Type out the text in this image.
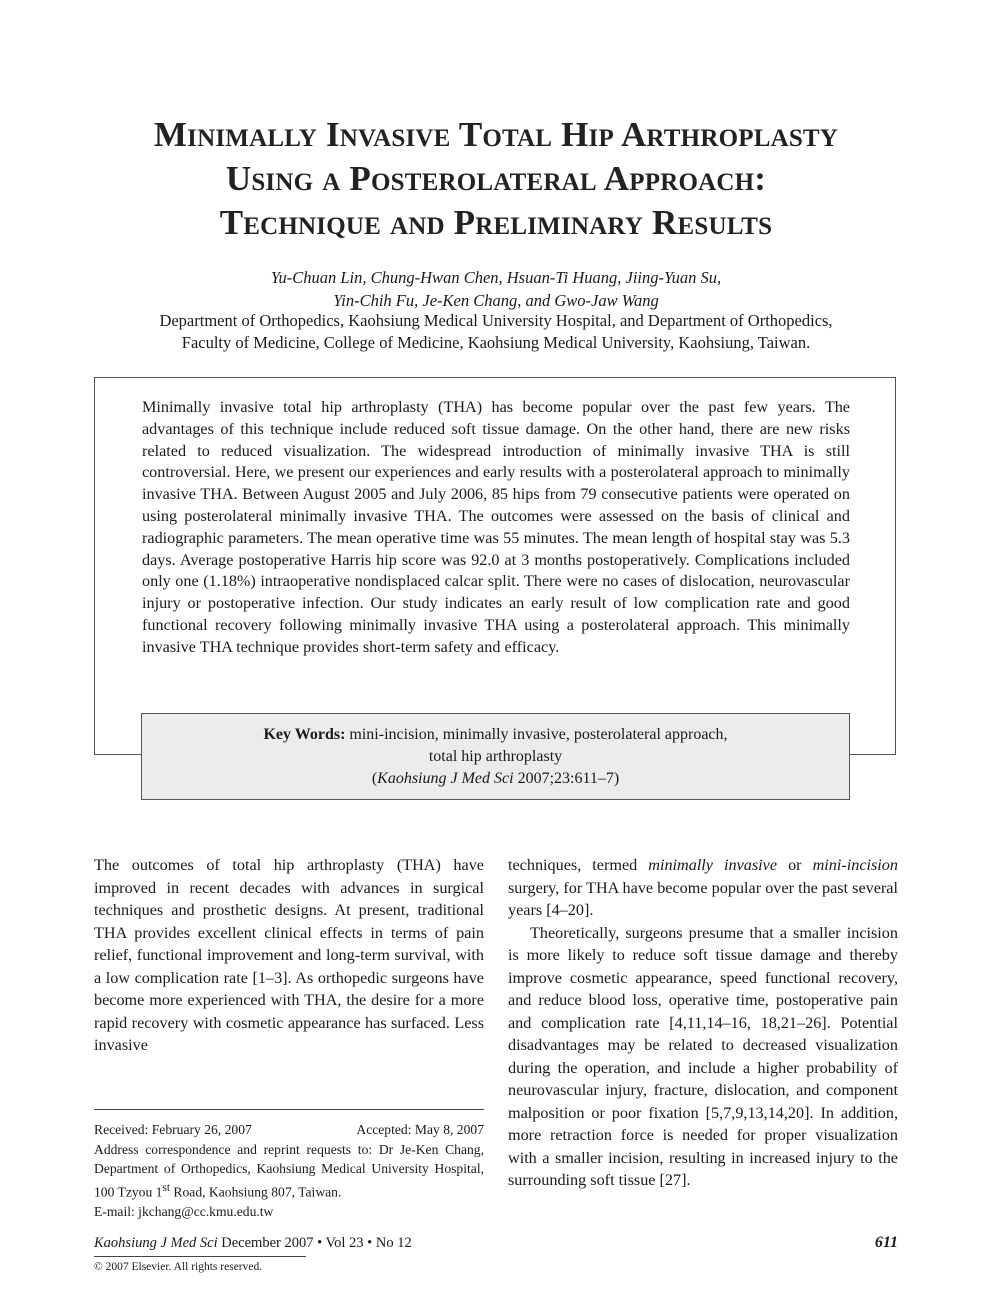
Minimally Invasive Total Hip Arthroplasty
Using a Posterolateral Approach:
Technique and Preliminary Results
Yu-Chuan Lin, Chung-Hwan Chen, Hsuan-Ti Huang, Jiing-Yuan Su,
Yin-Chih Fu, Je-Ken Chang, and Gwo-Jaw Wang
Department of Orthopedics, Kaohsiung Medical University Hospital, and Department of Orthopedics,
Faculty of Medicine, College of Medicine, Kaohsiung Medical University, Kaohsiung, Taiwan.
Minimally invasive total hip arthroplasty (THA) has become popular over the past few years. The advantages of this technique include reduced soft tissue damage. On the other hand, there are new risks related to reduced visualization. The widespread introduction of minimally invasive THA is still controversial. Here, we present our experiences and early results with a posterolateral approach to minimally invasive THA. Between August 2005 and July 2006, 85 hips from 79 consecutive patients were operated on using posterolateral minimally invasive THA. The outcomes were assessed on the basis of clinical and radiographic parameters. The mean operative time was 55 minutes. The mean length of hospital stay was 5.3 days. Average postoperative Harris hip score was 92.0 at 3 months postoperatively. Complications included only one (1.18%) intraoperative nondisplaced calcar split. There were no cases of dislocation, neurovascular injury or postoperative infection. Our study indicates an early result of low complication rate and good functional recovery following minimally invasive THA using a posterolateral approach. This minimally invasive THA technique provides short-term safety and efficacy.
Key Words: mini-incision, minimally invasive, posterolateral approach,
total hip arthroplasty
(Kaohsiung J Med Sci 2007;23:611–7)

The outcomes of total hip arthroplasty (THA) have improved in recent decades with advances in surgical techniques and prosthetic designs. At present, traditional THA provides excellent clinical effects in terms of pain relief, functional improvement and long-term survival, with a low complication rate [1–3]. As orthopedic surgeons have become more experienced with THA, the desire for a more rapid recovery with cosmetic appearance has surfaced. Less invasive

techniques, termed minimally invasive or mini-incision surgery, for THA have become popular over the past several years [4–20].

Theoretically, surgeons presume that a smaller incision is more likely to reduce soft tissue damage and thereby improve cosmetic appearance, speed functional recovery, and reduce blood loss, operative time, postoperative pain and complication rate [4,11,14–16, 18,21–26]. Potential disadvantages may be related to decreased visualization during the operation, and include a higher probability of neurovascular injury, fracture, dislocation, and component malposition or poor fixation [5,7,9,13,14,20]. In addition, more retraction force is needed for proper visualization with a smaller incision, resulting in increased injury to the surrounding soft tissue [27].

Received: February 26, 2007	Accepted: May 8, 2007

Address correspondence and reprint requests to: Dr Je-Ken Chang, Department of Orthopedics, Kaohsiung Medical University Hospital, 100 Tzyou 1st Road, Kaohsiung 807, Taiwan.

E-mail: jkchang@cc.kmu.edu.tw

Kaohsiung J Med Sci December 2007 • Vol 23 • No 12	611
© 2007 Elsevier. All rights reserved.
